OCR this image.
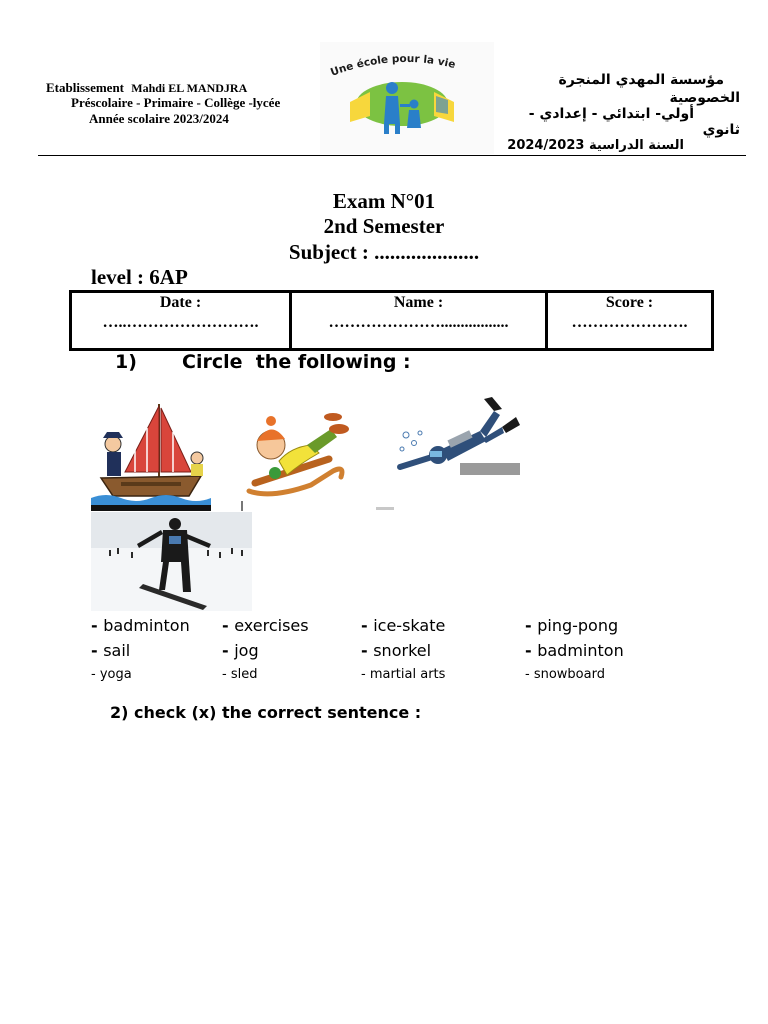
Etablissement Mahdi EL MANDJRA
Préscolaire - Primaire - Collège -lycée
Année scolaire 2023/2024
Une école pour la vie
مؤسسة المهدي المنجرة
الخصوصية
أولي- ابتدائي - إعدادي -
ثانوي
السنة الدراسية 2024/2023
Exam N°01
2nd Semester
Subject : ....................
level : 6AP
Date :
…..…………………….

Name :
………………….................

Score :
………………….
1) Circle  the following :
- badminton - exercises	- ice-skate	- ping-pong
- sail	- jog	- snorkel	- badminton
- yoga	- sled	- martial arts	- snowboard
2) check (x) the correct sentence :
